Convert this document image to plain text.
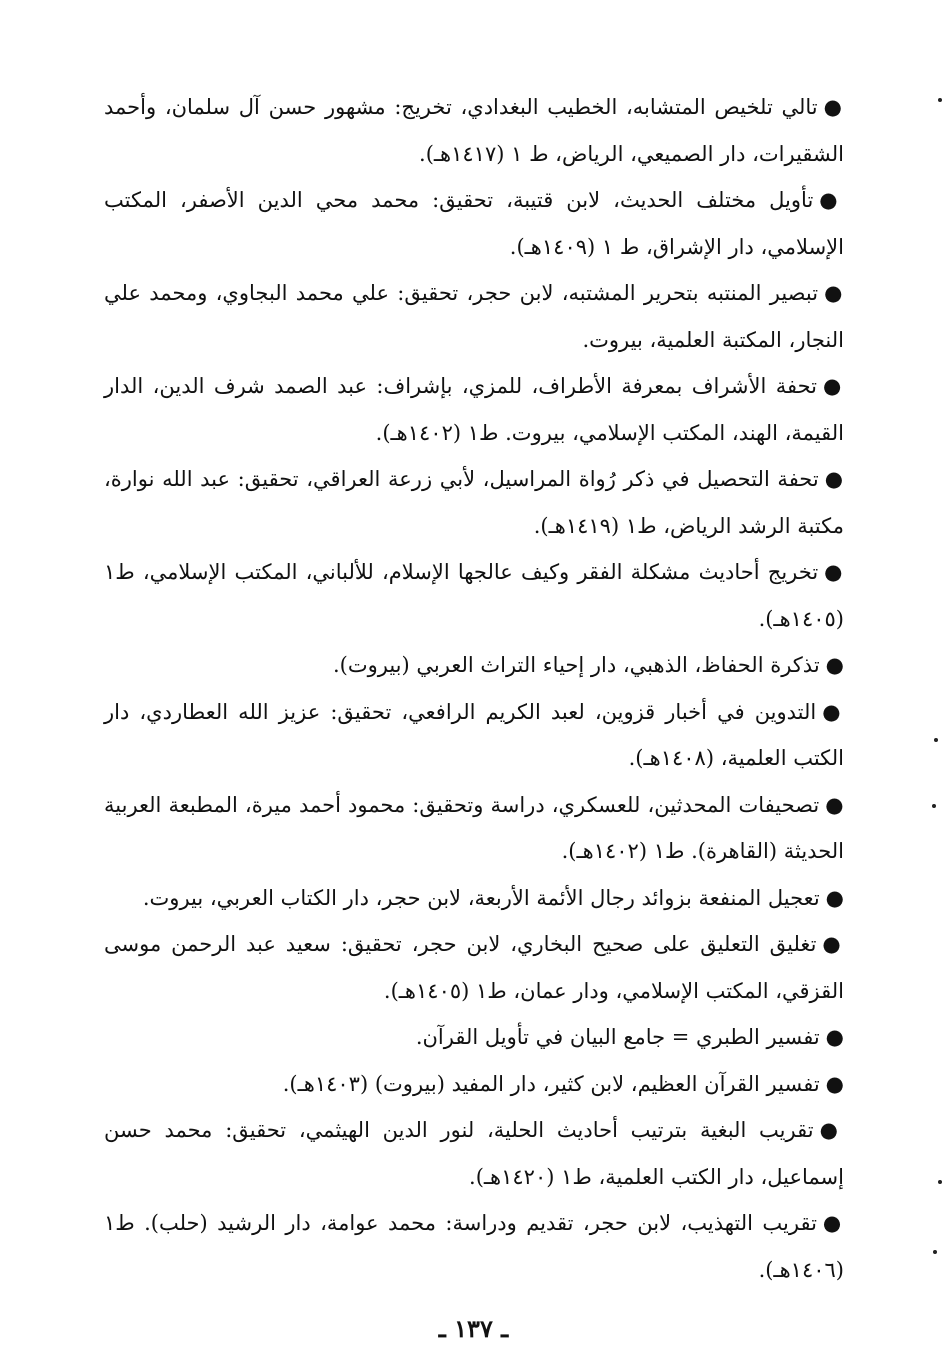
●تالي تلخيص المتشابه، الخطيب البغدادي، تخريج: مشهور حسن آل سلمان، وأحمد الشقيرات، دار الصميعي، الرياض، ط ١ (١٤١٧هـ).

●تأويل مختلف الحديث، لابن قتيبة، تحقيق: محمد محي الدين الأصفر، المكتب الإسلامي، دار الإشراق، ط ١ (١٤٠٩هـ).

●تبصير المنتبه بتحرير المشتبه، لابن حجر، تحقيق: علي محمد البجاوي، ومحمد علي النجار، المكتبة العلمية، بيروت.

●تحفة الأشراف بمعرفة الأطراف، للمزي، بإشراف: عبد الصمد شرف الدين، الدار القيمة، الهند، المكتب الإسلامي، بيروت. ط١ (١٤٠٢هـ).

●تحفة التحصيل في ذكر رُواة المراسيل، لأبي زرعة العراقي، تحقيق: عبد الله نوارة، مكتبة الرشد الرياض، ط١ (١٤١٩هـ).

●تخريج أحاديث مشكلة الفقر وكيف عالجها الإسلام، للألباني، المكتب الإسلامي، ط١ (١٤٠٥هـ).

●تذكرة الحفاظ، الذهبي، دار إحياء التراث العربي (بيروت).

●التدوين في أخبار قزوين، لعبد الكريم الرافعي، تحقيق: عزيز الله العطاردي، دار الكتب العلمية، (١٤٠٨هـ).

●تصحيفات المحدثين، للعسكري، دراسة وتحقيق: محمود أحمد ميرة، المطبعة العربية الحديثة (القاهرة). ط١ (١٤٠٢هـ).

●تعجيل المنفعة بزوائد رجال الأئمة الأربعة، لابن حجر، دار الكتاب العربي، بيروت.

●تغليق التعليق على صحيح البخاري، لابن حجر، تحقيق: سعيد عبد الرحمن موسى القزقي، المكتب الإسلامي، ودار عمان، ط١ (١٤٠٥هـ).

●تفسير الطبري = جامع البيان في تأويل القرآن.

●تفسير القرآن العظيم، لابن كثير، دار المفيد (بيروت) (١٤٠٣هـ).

●تقريب البغية بترتيب أحاديث الحلية، لنور الدين الهيثمي، تحقيق: محمد حسن إسماعيل، دار الكتب العلمية، ط١ (١٤٢٠هـ).

●تقريب التهذيب، لابن حجر، تقديم ودراسة: محمد عوامة، دار الرشيد (حلب). ط١ (١٤٠٦هـ).

ـ ١٣٧ ـ
